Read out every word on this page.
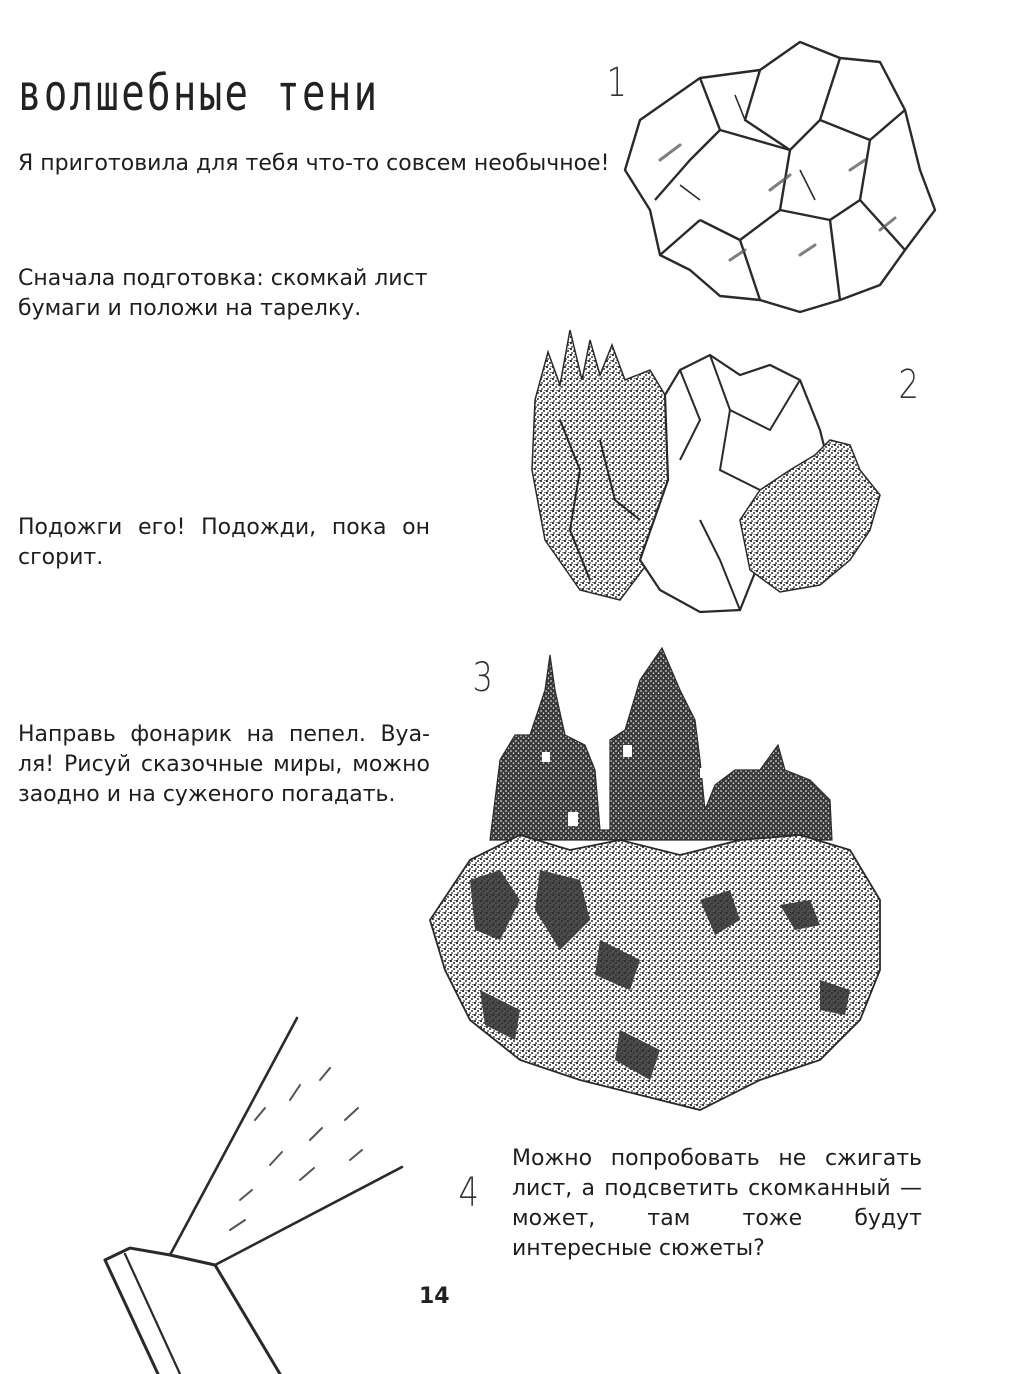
волшебные тени

Я приготовила для тебя что-то совсем необычное!

Сначала подготовка: скомкай лист бумаги и положи на тарелку.

Подожги его! Подожди, пока он сгорит.

Направь фонарик на пепел. Вуа-ля! Рисуй сказочные миры, можно заодно и на суженого погадать.

Можно попробовать не сжигать лист, а подсветить скомканный — может, там тоже будут интересные сюжеты?

1
2
3
4
14
